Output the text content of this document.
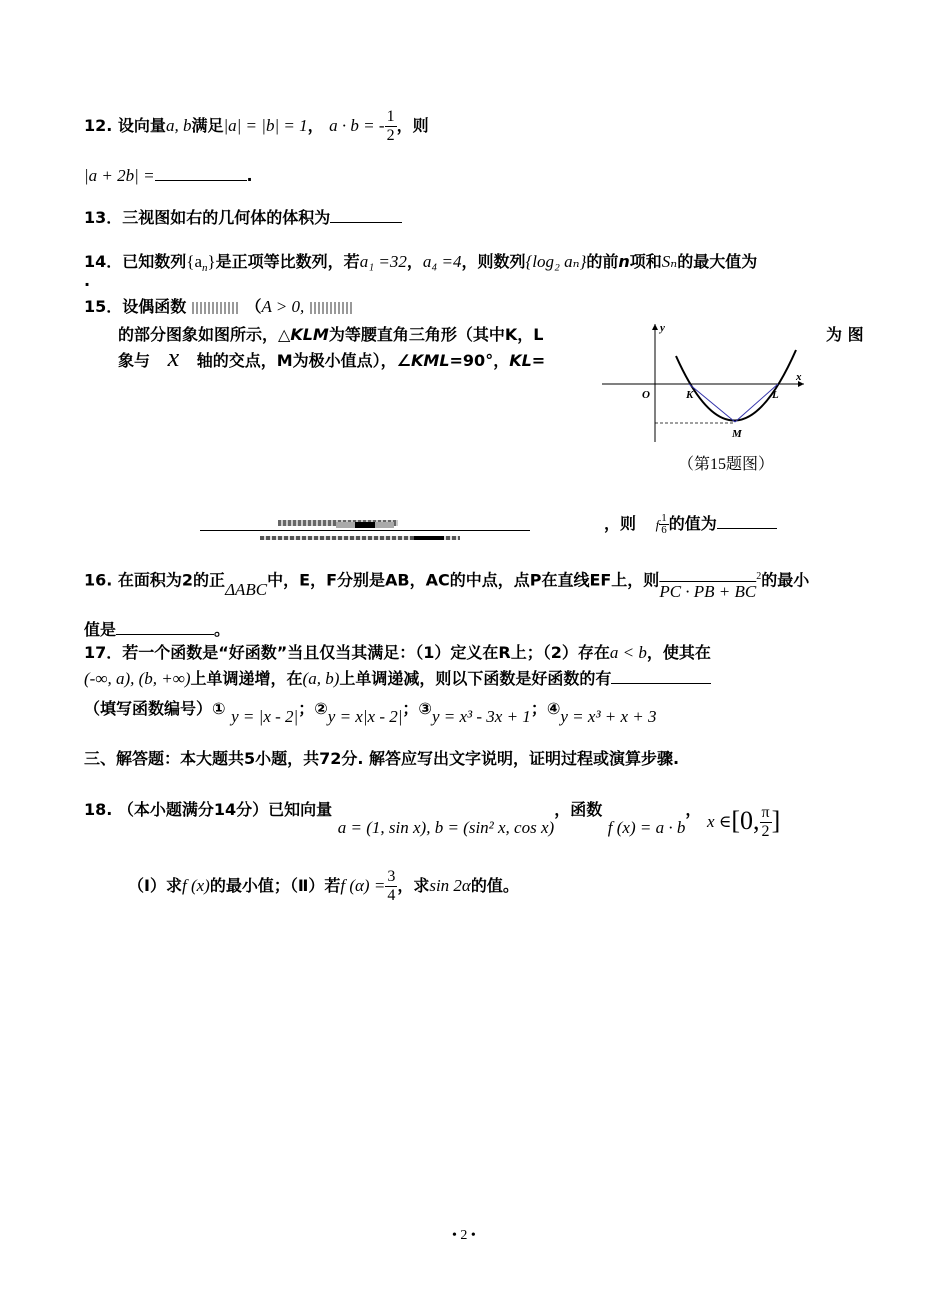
12. 设向量a, b满足|a| = |b| = 1， a · b = - $\frac{1}{2}$ ，则
|a + 2b| =	.
13．三视图如右的几何体的体积为
14．已知数列$\{a_n\}$是正项等比数列，若a₁ =32，a₄ =4，则数列{log₂ aₙ}的前n项和Sₙ的最大值为
.
15．设偶函数	（A > 0,
的部分图象如图所示，△KLM为等腰直角三角形（其中K，L	为 图
象与 x 轴的交点，M为极小值点），∠KML=90°，KL=
y
x
O	K	L
M
（第15题图）
，则 f $\frac{1}{6}$ 的值为
16. 在面积为2的正ΔABC中，E，F分别是AB，AC的中点，点P在直线EF上，则PC · PB + $BC^2$的最小
值是	。
17．若一个函数是“好函数”当且仅当其满足：（1）定义在R上；（2）存在a < b，使其在
(-∞, a), (b, +∞)上单调递增，在(a, b)上单调递减，则以下函数是好函数的有
（填写函数编号）① y = |x - 2|；②y = x|x - 2|；③y = x³ - 3x + 1；④y = x³ + x + 3
三、解答题：本大题共5小题，共72分. 解答应写出文字说明，证明过程或演算步骤.
18. （本小题满分14分）已知向量 a = (1, sin x), b = (sin² x, cos x)，函数 f (x) = a · b， x ∈[0, $\frac{\pi}{2}$ ]
（Ⅰ）求f (x)的最小值；（Ⅱ）若f $(\alpha) = \frac{3}{4}$ ，求sin 2α的值。
• 2 •
